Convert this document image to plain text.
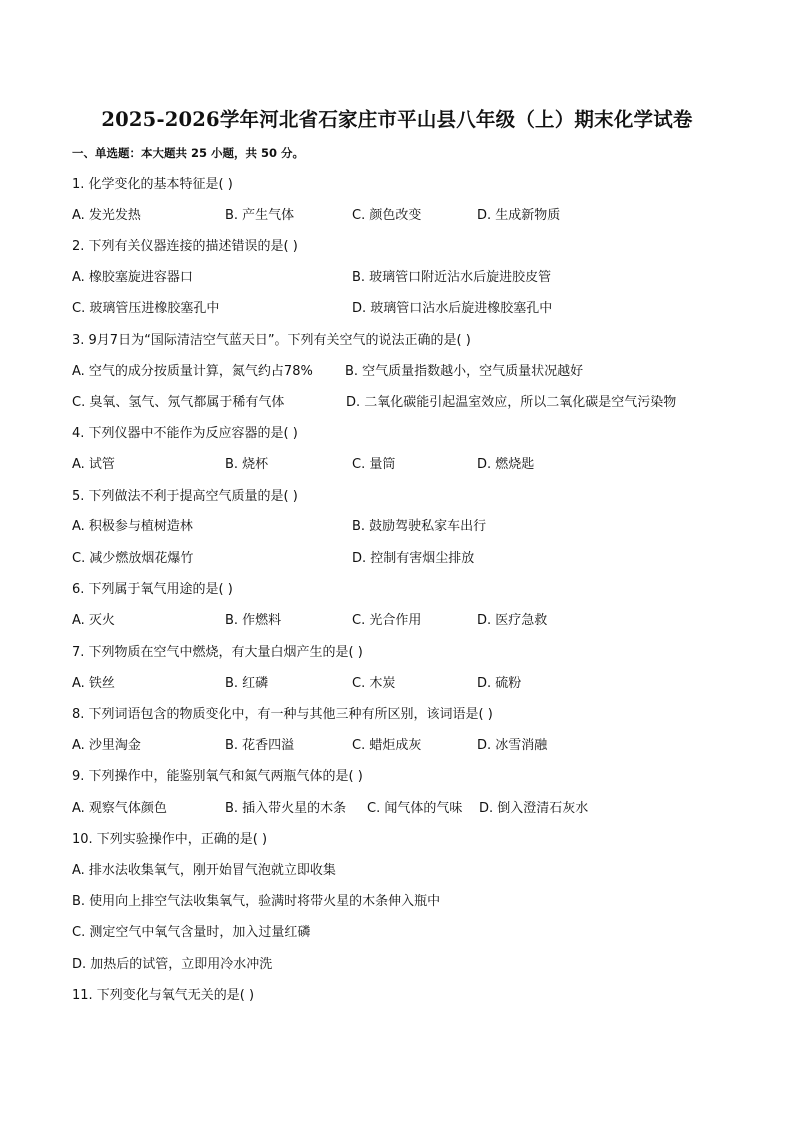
2025-2026学年河北省石家庄市平山县八年级（上）期末化学试卷
一、单选题：本大题共 25 小题，共 50 分。
1. 化学变化的基本特征是( )
A. 发光发热	B. 产生气体	C. 颜色改变	D. 生成新物质
2. 下列有关仪器连接的描述错误的是( )
A. 橡胶塞旋进容器口	B. 玻璃管口附近沾水后旋进胶皮管
C. 玻璃管压进橡胶塞孔中	D. 玻璃管口沾水后旋进橡胶塞孔中
3. 9月7日为“国际清洁空气蓝天日”。下列有关空气的说法正确的是( )
A. 空气的成分按质量计算，氮气约占78% B. 空气质量指数越小，空气质量状况越好
C. 臭氧、氢气、氖气都属于稀有气体	D. 二氧化碳能引起温室效应，所以二氧化碳是空气污染物
4. 下列仪器中不能作为反应容器的是( )
A. 试管	B. 烧杯	C. 量筒	D. 燃烧匙
5. 下列做法不利于提高空气质量的是( )
A. 积极参与植树造林	B. 鼓励驾驶私家车出行
C. 减少燃放烟花爆竹	D. 控制有害烟尘排放
6. 下列属于氧气用途的是( )
A. 灭火	B. 作燃料	C. 光合作用	D. 医疗急救
7. 下列物质在空气中燃烧，有大量白烟产生的是( )
A. 铁丝	B. 红磷	C. 木炭	D. 硫粉
8. 下列词语包含的物质变化中，有一种与其他三种有所区别，该词语是( )
A. 沙里淘金	B. 花香四溢	C. 蜡炬成灰	D. 冰雪消融
9. 下列操作中，能鉴别氧气和氮气两瓶气体的是( )
A. 观察气体颜色	B. 插入带火星的木条 C. 闻气体的气味 D. 倒入澄清石灰水
10. 下列实验操作中，正确的是( )
A. 排水法收集氧气，刚开始冒气泡就立即收集
B. 使用向上排空气法收集氧气，验满时将带火星的木条伸入瓶中
C. 测定空气中氧气含量时，加入过量红磷
D. 加热后的试管，立即用冷水冲洗
11. 下列变化与氧气无关的是( )
